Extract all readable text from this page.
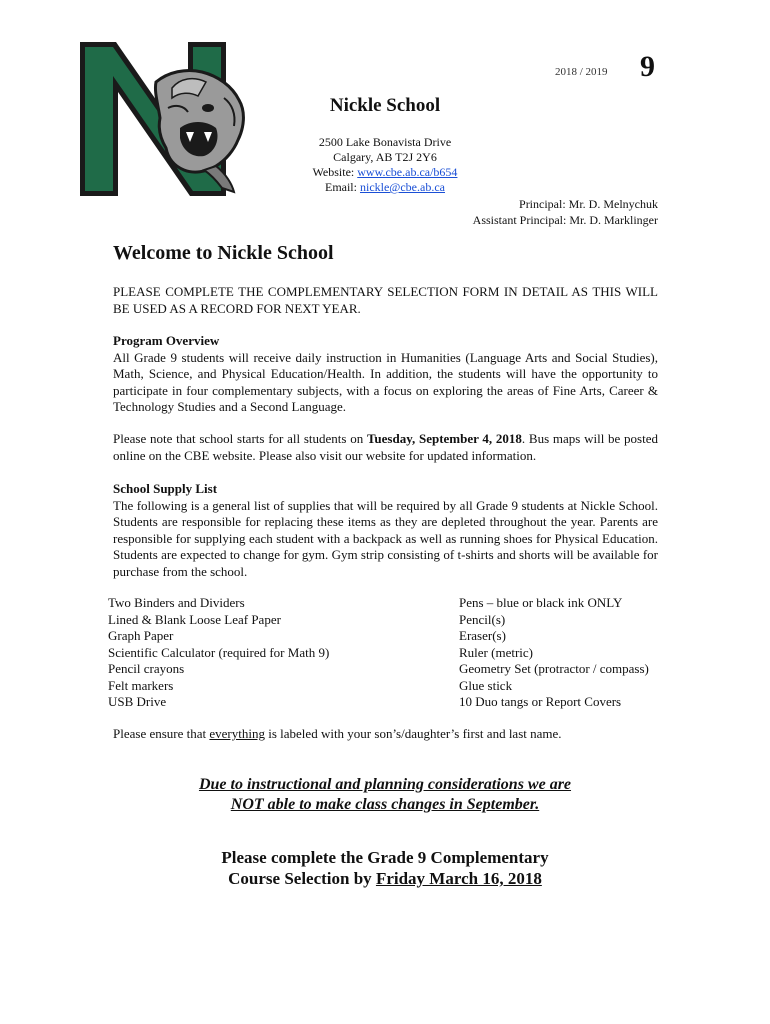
2018 / 2019 9
Nickle School
2500 Lake Bonavista Drive
Calgary, AB T2J 2Y6
Website: www.cbe.ab.ca/b654
Email: nickle@cbe.ab.ca
Principal: Mr. D. Melnychuk
Assistant Principal: Mr. D. Marklinger
Welcome to Nickle School
PLEASE COMPLETE THE COMPLEMENTARY SELECTION FORM IN DETAIL AS THIS WILL BE USED AS A RECORD FOR NEXT YEAR.
Program Overview
All Grade 9 students will receive daily instruction in Humanities (Language Arts and Social Studies), Math, Science, and Physical Education/Health. In addition, the students will have the opportunity to participate in four complementary subjects, with a focus on exploring the areas of Fine Arts, Career & Technology Studies and a Second Language.
Please note that school starts for all students on Tuesday, September 4, 2018. Bus maps will be posted online on the CBE website. Please also visit our website for updated information.
School Supply List
The following is a general list of supplies that will be required by all Grade 9 students at Nickle School. Students are responsible for replacing these items as they are depleted throughout the year. Parents are responsible for supplying each student with a backpack as well as running shoes for Physical Education. Students are expected to change for gym. Gym strip consisting of t-shirts and shorts will be available for purchase from the school.
Two Binders and Dividers
Lined & Blank Loose Leaf Paper
Graph Paper
Scientific Calculator (required for Math 9)
Pencil crayons
Felt markers
USB Drive
Pens – blue or black ink ONLY
Pencil(s)
Eraser(s)
Ruler (metric)
Geometry Set (protractor / compass)
Glue stick
10 Duo tangs or Report Covers
Please ensure that everything is labeled with your son’s/daughter’s first and last name.
Due to instructional and planning considerations we are
NOT able to make class changes in September.
Please complete the Grade 9 Complementary
Course Selection by Friday March 16, 2018
